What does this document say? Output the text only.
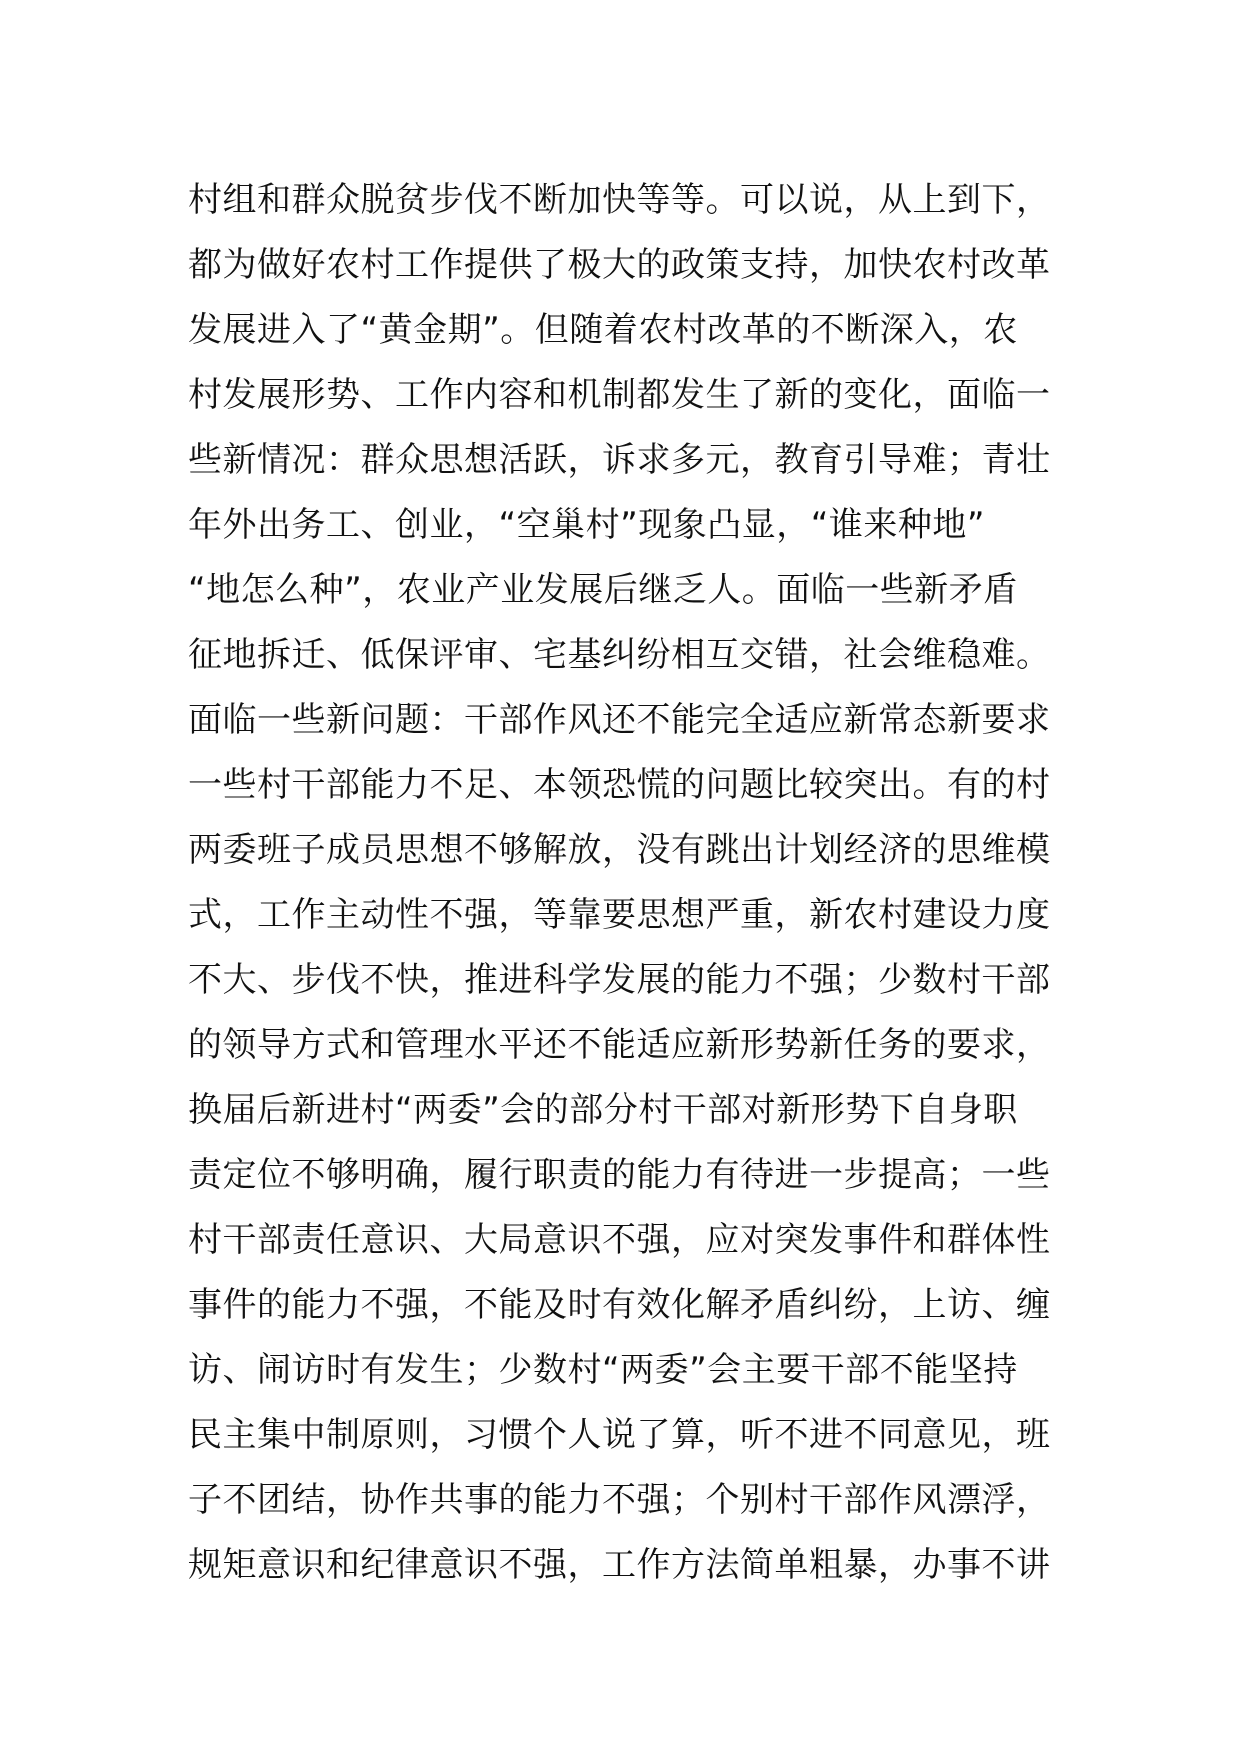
村组和群众脱贫步伐不断加快等等。可以说，从上到下，
都为做好农村工作提供了极大的政策支持，加快农村改革
发展进入了“黄金期”。但随着农村改革的不断深入，农
村发展形势、工作内容和机制都发生了新的变化，面临一
些新情况：群众思想活跃，诉求多元，教育引导难；青壮
年外出务工、创业，“空巢村”现象凸显，“谁来种地”
“地怎么种”，农业产业发展后继乏人。面临一些新矛盾
征地拆迁、低保评审、宅基纠纷相互交错，社会维稳难。
面临一些新问题：干部作风还不能完全适应新常态新要求
一些村干部能力不足、本领恐慌的问题比较突出。有的村
两委班子成员思想不够解放，没有跳出计划经济的思维模
式，工作主动性不强，等靠要思想严重，新农村建设力度
不大、步伐不快，推进科学发展的能力不强；少数村干部
的领导方式和管理水平还不能适应新形势新任务的要求，
换届后新进村“两委”会的部分村干部对新形势下自身职
责定位不够明确，履行职责的能力有待进一步提高；一些
村干部责任意识、大局意识不强，应对突发事件和群体性
事件的能力不强，不能及时有效化解矛盾纠纷，上访、缠
访、闹访时有发生；少数村“两委”会主要干部不能坚持
民主集中制原则，习惯个人说了算，听不进不同意见，班
子不团结，协作共事的能力不强；个别村干部作风漂浮，
规矩意识和纪律意识不强，工作方法简单粗暴，办事不讲
